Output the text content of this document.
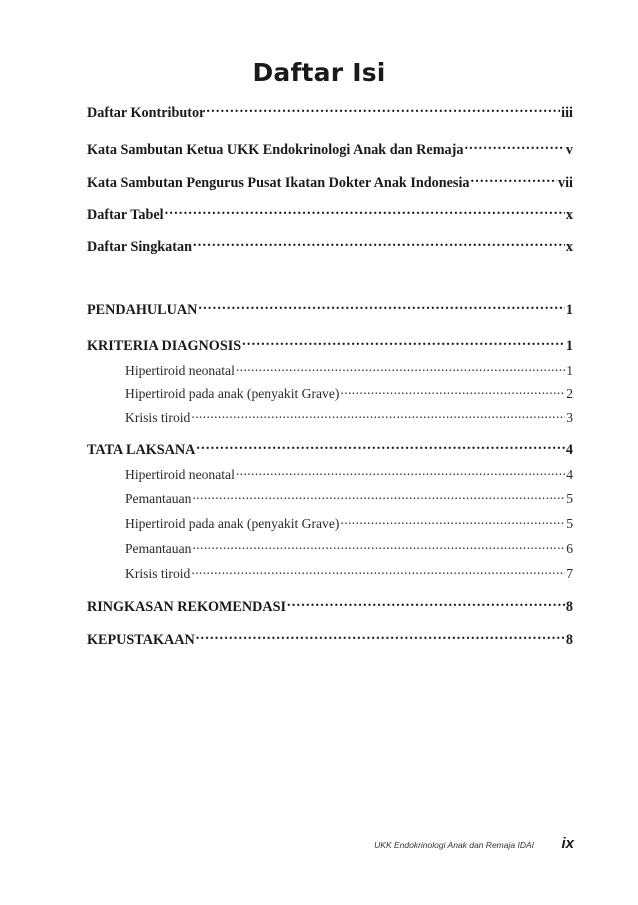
Daftar Isi
Daftar Kontributor .....	iii
Kata Sambutan Ketua UKK Endokrinologi Anak dan Remaja .....	v
Kata Sambutan Pengurus Pusat Ikatan Dokter Anak Indonesia .....	vii
Daftar Tabel .....	x
Daftar Singkatan .....	x
PENDAHULUAN .....	1
KRITERIA DIAGNOSIS .....	1
Hipertiroid neonatal .....	1
Hipertiroid pada anak (penyakit Grave) .....	2
Krisis tiroid .....	3
TATA LAKSANA .....	4
Hipertiroid neonatal .....	4
Pemantauan .....	5
Hipertiroid pada anak (penyakit Grave) .....	5
Pemantauan .....	6
Krisis tiroid .....	7
RINGKASAN REKOMENDASI .....	8
KEPUSTAKAAN .....	8
UKK Endokrinologi Anak dan Remaja IDAI ix
